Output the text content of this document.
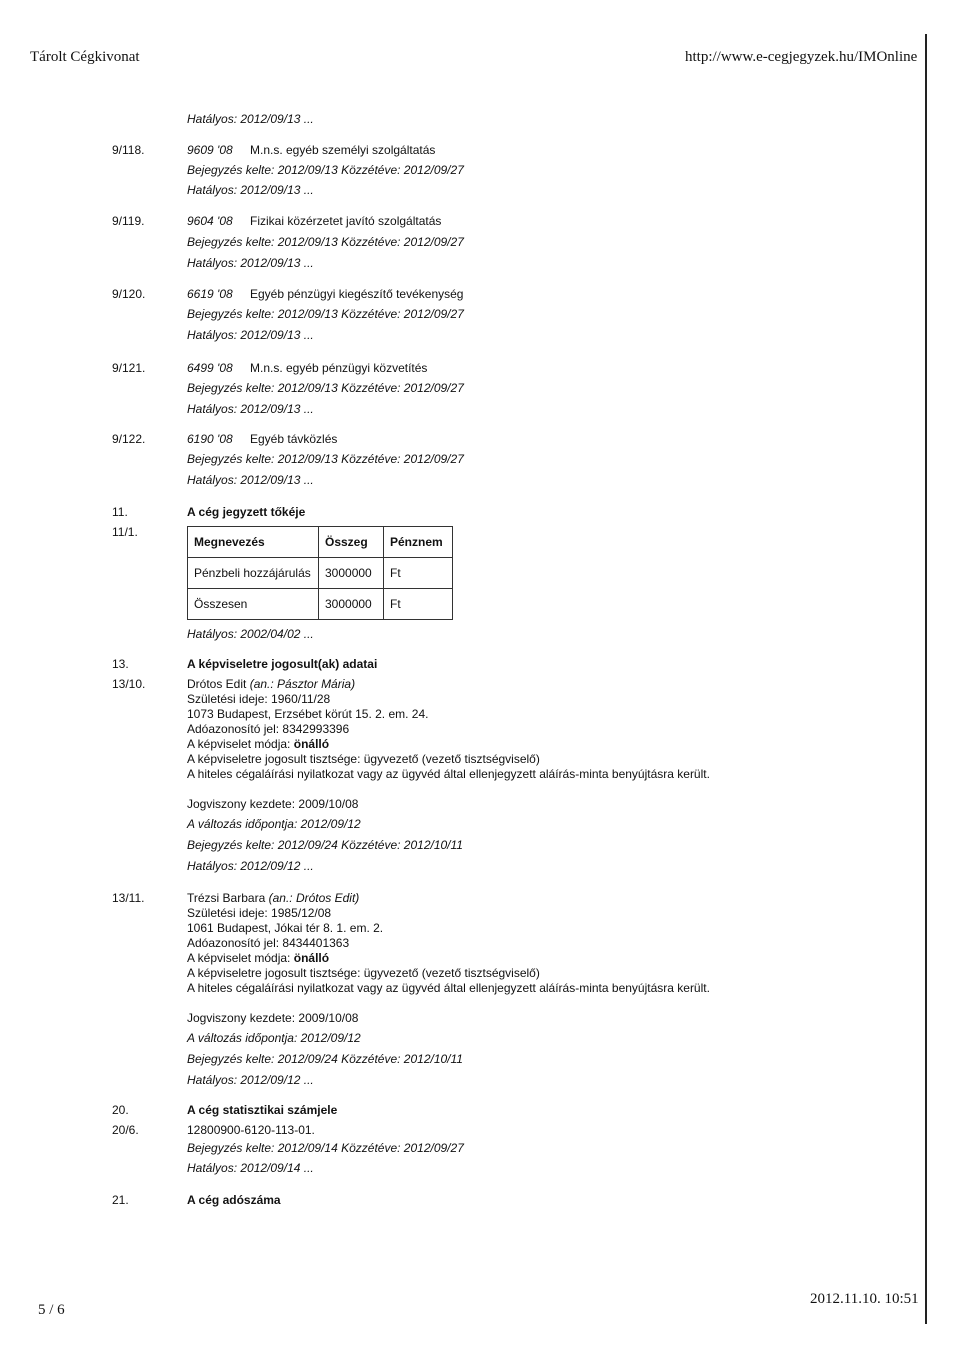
Tárolt Cégkivonat	http://www.e-cegjegyzek.hu/IMOnline
Hatályos: 2012/09/13 ...
9/118.	9609 '08 M.n.s. egyéb személyi szolgáltatás
Bejegyzés kelte: 2012/09/13 Közzétéve: 2012/09/27
Hatályos: 2012/09/13 ...
9/119.	9604 '08 Fizikai közérzetet javító szolgáltatás
Bejegyzés kelte: 2012/09/13 Közzétéve: 2012/09/27
Hatályos: 2012/09/13 ...
9/120.	6619 '08 Egyéb pénzügyi kiegészítő tevékenység
Bejegyzés kelte: 2012/09/13 Közzétéve: 2012/09/27
Hatályos: 2012/09/13 ...
9/121.	6499 '08 M.n.s. egyéb pénzügyi közvetítés
Bejegyzés kelte: 2012/09/13 Közzétéve: 2012/09/27
Hatályos: 2012/09/13 ...
9/122.	6190 '08 Egyéb távközlés
Bejegyzés kelte: 2012/09/13 Közzétéve: 2012/09/27
Hatályos: 2012/09/13 ...
11.	A cég jegyzett tőkéje
11/1.
Megnevezés	Összeg	Pénznem
Pénzbeli hozzájárulás	3000000	Ft
Összesen	3000000	Ft
Hatályos: 2002/04/02 ...
13.	A képviseletre jogosult(ak) adatai
13/10.	Drótos Edit (an.: Pásztor Mária)
Születési ideje: 1960/11/28
1073 Budapest, Erzsébet körút 15. 2. em. 24.
Adóazonosító jel: 8342993396
A képviselet módja: önálló
A képviseletre jogosult tisztsége: ügyvezető (vezető tisztségviselő)
A hiteles cégaláírási nyilatkozat vagy az ügyvéd által ellenjegyzett aláírás-minta benyújtásra került.
Jogviszony kezdete: 2009/10/08
A változás időpontja: 2012/09/12
Bejegyzés kelte: 2012/09/24 Közzétéve: 2012/10/11
Hatályos: 2012/09/12 ...
13/11.	Trézsi Barbara (an.: Drótos Edit)
Születési ideje: 1985/12/08
1061 Budapest, Jókai tér 8. 1. em. 2.
Adóazonosító jel: 8434401363
A képviselet módja: önálló
A képviseletre jogosult tisztsége: ügyvezető (vezető tisztségviselő)
A hiteles cégaláírási nyilatkozat vagy az ügyvéd által ellenjegyzett aláírás-minta benyújtásra került.
Jogviszony kezdete: 2009/10/08
A változás időpontja: 2012/09/12
Bejegyzés kelte: 2012/09/24 Közzétéve: 2012/10/11
Hatályos: 2012/09/12 ...
20.	A cég statisztikai számjele
20/6.	12800900-6120-113-01.
Bejegyzés kelte: 2012/09/14 Közzétéve: 2012/09/27
Hatályos: 2012/09/14 ...
21.	A cég adószáma
5 / 6
2012.11.10. 10:51
